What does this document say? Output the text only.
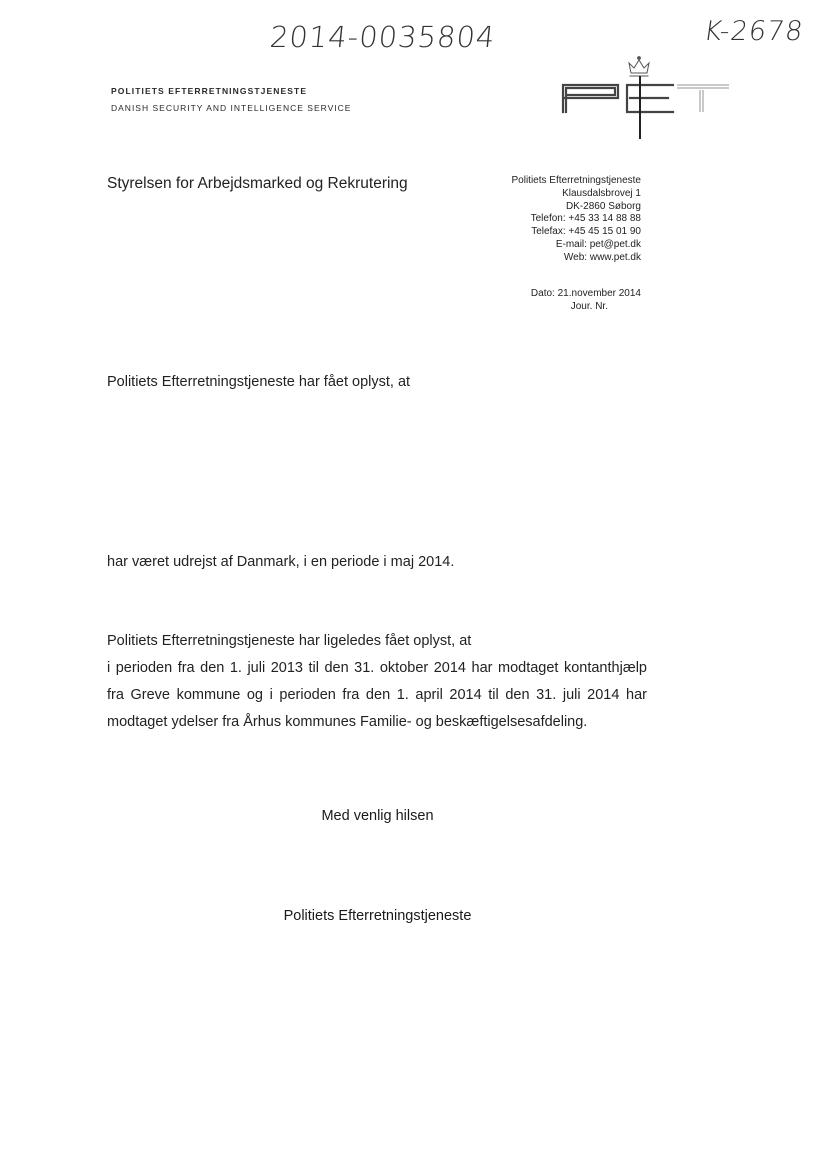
2014-0035804	K-2678
POLITIETS EFTERRETNINGSTJENESTE
DANISH SECURITY AND INTELLIGENCE SERVICE
Styrelsen for Arbejdsmarked og Rekrutering	Politiets Efterretningstjeneste
Klausdalsbrovej 1
DK-2860 Søborg
Telefon: +45 33 14 88 88
Telefax: +45 45 15 01 90
E-mail: pet@pet.dk
Web: www.pet.dk
Dato: 21.november 2014
Jour. Nr.
Politiets Efterretningstjeneste har fået oplyst, at
har været udrejst af Danmark, i en periode i maj 2014.
Politiets Efterretningstjeneste har ligeledes fået oplyst, at
i perioden fra den 1. juli 2013 til den 31. oktober 2014 har modtaget kontanthjælp
fra Greve kommune og i perioden fra den 1. april 2014 til den 31. juli 2014 har
modtaget ydelser fra Århus kommunes Familie- og beskæftigelsesafdeling.
Med venlig hilsen
Politiets Efterretningstjeneste
